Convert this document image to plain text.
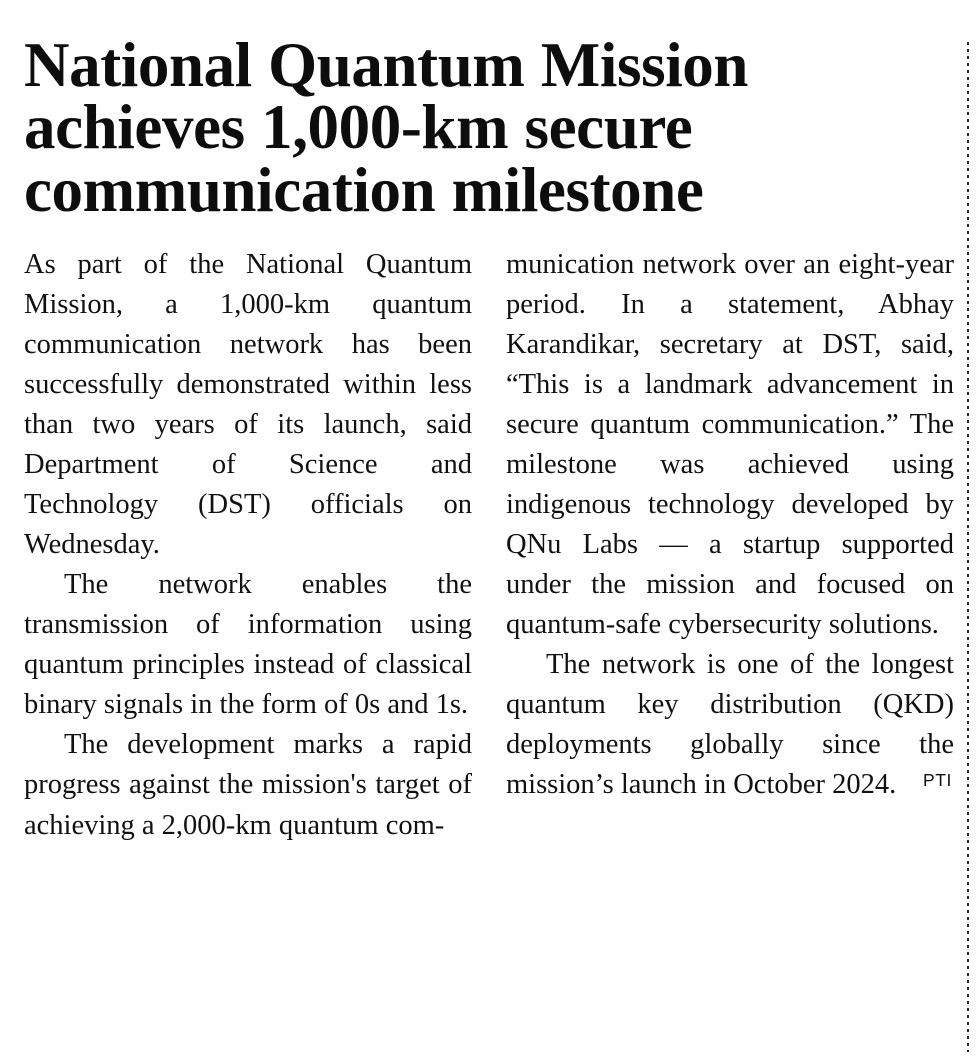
National Quantum Mission achieves 1,000-km secure communication milestone

As part of the National Quantum Mission, a 1,000-km quantum communication network has been successfully demonstrated within less than two years of its launch, said Department of Science and Technology (DST) officials on Wednesday.

The network enables the transmission of information using quantum principles instead of classical binary signals in the form of 0s and 1s.

The development marks a rapid progress against the mission's target of achieving a 2,000-km quantum com-

munication network over an eight-year period. In a statement, Abhay Karandikar, secretary at DST, said, “This is a landmark advancement in secure quantum communication.” The milestone was achieved using indigenous technology developed by QNu Labs — a startup supported under the mission and focused on quantum-safe cybersecurity solutions.

The network is one of the longest quantum key distribution (QKD) deployments globally since the mission’s launch in October 2024.	PTI
